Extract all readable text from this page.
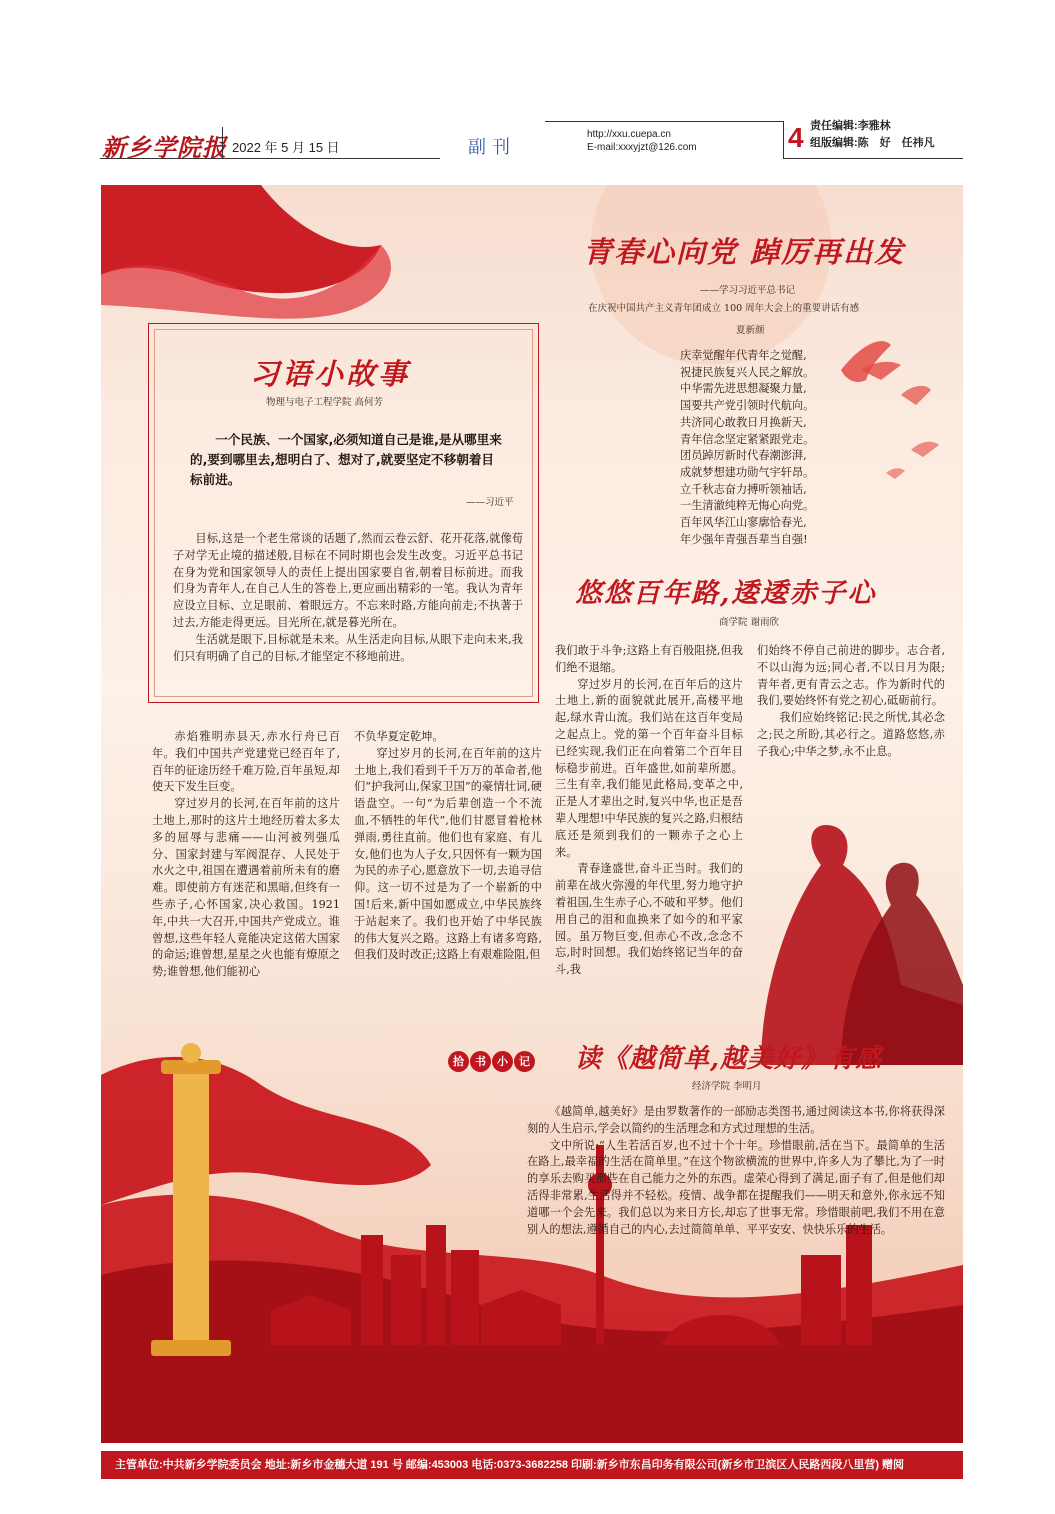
新乡学院报 2022 年 5 月 15 日	副刊
http://xxu.cuepa.cn
E-mail:xxxyjzt@126.com	4 责任编辑:李雅林
组版编辑:陈　好　任祎凡
青春心向党 踔厉再出发
——学习习近平总书记
在庆祝中国共产主义青年团成立 100 周年大会上的重要讲话有感
夏新颜
庆幸觉醒年代青年之觉醒,
祝捷民族复兴人民之解放。
中华需先进思想凝聚力量,
国要共产党引领时代航向。
共济同心敢教日月换新天,
青年信念坚定紧紧跟党走。
团员踔厉新时代春潮澎湃,
成就梦想建功勋气宇轩昂。
立千秋志奋力搏听领袖话,
一生清澈纯粹无悔心向党。
百年风华江山寥廓恰春光,
年少强年青强吾辈当自强!
习语小故事
物理与电子工程学院 高何芳
一个民族、一个国家,必须知道自己是谁,是从哪里来的,要到哪里去,想明白了、想对了,就要坚定不移朝着目标前进。
——习近平

目标,这是一个老生常谈的话题了,然而云卷云舒、花开花落,就像荀子对学无止境的描述般,目标在不同时期也会发生改变。习近平总书记在身为党和国家领导人的责任上提出国家要自省,朝着目标前进。而我们身为青年人,在自己人生的答卷上,更应画出精彩的一笔。我认为青年应设立目标、立足眼前、着眼远方。不忘来时路,方能向前走;不执著于过去,方能走得更远。目光所在,就是暮光所在。

生活就是眼下,目标就是未来。从生活走向目标,从眼下走向未来,我们只有明确了自己的目标,才能坚定不移地前进。

悠悠百年路,逶逶赤子心
商学院 谢雨欣

赤焰雅明赤县天,赤水行舟已百年。我们中国共产党建党已经百年了,百年的征途历经千难万险,百年虽短,却使天下发生巨变。

穿过岁月的长河,在百年前的这片土地上,那时的这片土地经历着太多太多的屈辱与悲痛——山河被列强瓜分、国家封建与军阀混存、人民处于水火之中,祖国在遭遇着前所未有的磨难。即使前方有迷茫和黑暗,但终有一些赤子,心怀国家,决心救国。1921 年,中共一大召开,中国共产党成立。谁曾想,这些年轻人竟能决定这偌大国家的命运;谁曾想,星星之火也能有燎原之势;谁曾想,他们能初心

不负华夏定乾坤。

穿过岁月的长河,在百年前的这片土地上,我们看到千千万万的革命者,他们“护我河山,保家卫国”的豪情壮词,硬语盘空。一句“为后辈创造一个不流血,不牺牲的年代”,他们甘愿冒着枪林弹雨,勇往直前。他们也有家庭、有儿女,他们也为人子女,只因怀有一颗为国为民的赤子心,愿意放下一切,去追寻信仰。这一切不过是为了一个崭新的中国!后来,新中国如愿成立,中华民族终于站起来了。我们也开始了中华民族的伟大复兴之路。这路上有诸多弯路,但我们及时改正;这路上有艰难险阻,但

我们敢于斗争;这路上有百般阻挠,但我们绝不退缩。

穿过岁月的长河,在百年后的这片土地上,新的面貌就此展开,高楼平地起,绿水青山流。我们站在这百年变局之起点上。党的第一个百年奋斗目标已经实现,我们正在向着第二个百年目标稳步前进。百年盛世,如前辈所愿。三生有幸,我们能见此格局,变革之中,正是人才辈出之时,复兴中华,也正是吾辈人理想!中华民族的复兴之路,归根结底还是须到我们的一颗赤子之心上来。

青春逢盛世,奋斗正当时。我们的前辈在战火弥漫的年代里,努力地守护着祖国,生生赤子心,不破和平梦。他们用自己的泪和血换来了如今的和平家园。虽万物巨变,但赤心不改,念念不忘,时时回想。我们始终铭记当年的奋斗,我

们始终不停自己前进的脚步。志合者,不以山海为远;同心者,不以日月为限;青年者,更有青云之志。作为新时代的我们,要始终怀有党之初心,砥砺前行。

我们应始终铭记:民之所忧,其必念之;民之所盼,其必行之。道路悠悠,赤子我心;中华之梦,永不止息。

拾 书 小 记 读《越简单,越美好》有感
经济学院 李明月

《越简单,越美好》是由罗数著作的一部励志类图书,通过阅读这本书,你将获得深刻的人生启示,学会以简约的生活理念和方式过理想的生活。

文中所说:“人生若活百岁,也不过十个十年。珍惜眼前,活在当下。最简单的生活在路上,最幸福的生活在简单里。”在这个物欲横流的世界中,许多人为了攀比,为了一时的享乐去购买那些在自己能力之外的东西。虚荣心得到了满足,面子有了,但是他们却活得非常累,生活得并不轻松。疫情、战争都在提醒我们——明天和意外,你永远不知道哪一个会先来。我们总以为来日方长,却忘了世事无常。珍惜眼前吧,我们不用在意别人的想法,遵循自己的内心,去过简简单单、平平安安、快快乐乐的生活。

主管单位:中共新乡学院委员会 地址:新乡市金穗大道 191 号 邮编:453003 电话:0373-3682258 印刷:新乡市东昌印务有限公司(新乡市卫滨区人民路西段八里营) 赠阅
